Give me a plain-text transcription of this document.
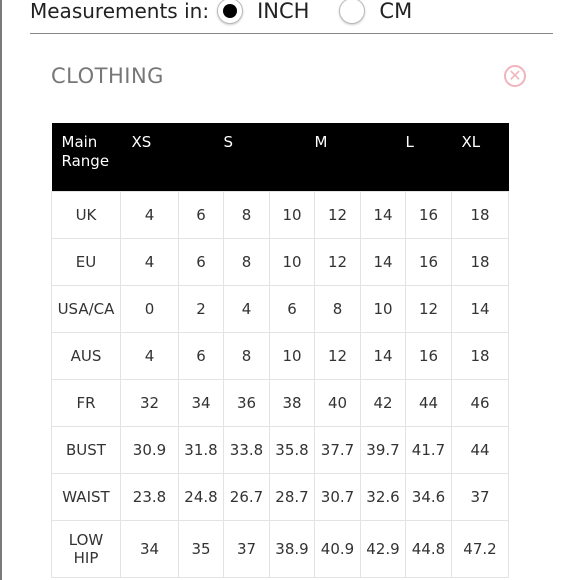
Measurements in: INCH	CM
CLOTHING	✕
Main Range	XS		S		M		L	XL
UK	4	6	8	10	12	14	16	18
EU	4	6	8	10	12	14	16	18
USA/CA	0	2	4	6	8	10	12	14
AUS	4	6	8	10	12	14	16	18
FR	32	34	36	38	40	42	44	46
BUST	30.9	31.8	33.8	35.8	37.7	39.7	41.7	44
WAIST	23.8	24.8	26.7	28.7	30.7	32.6	34.6	37
LOW HIP	34	35	37	38.9	40.9	42.9	44.8	47.2
